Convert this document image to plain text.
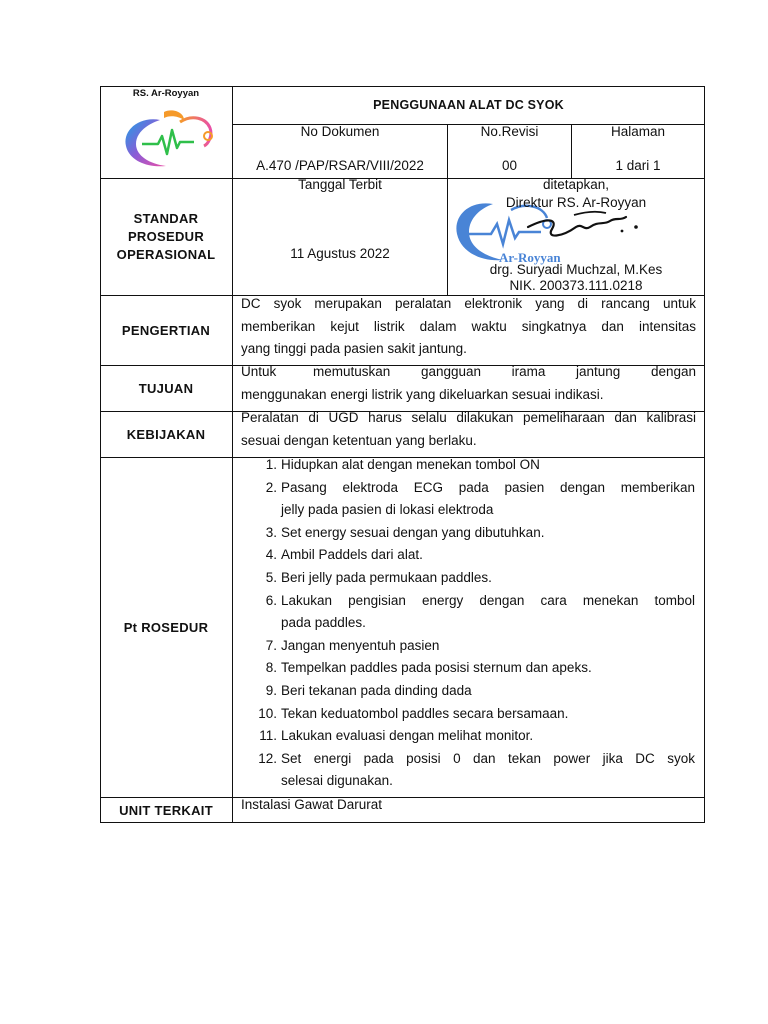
RS. Ar-Royyan
PENGGUNAAN ALAT DC SYOK
No Dokumen
A.470 /PAP/RSAR/VIII/2022
No.Revisi
00
Halaman
1 dari 1
STANDAR
PROSEDUR
OPERASIONAL
Tanggal Terbit
11 Agustus 2022	Ar-Royyan
ditetapkan,
Direktur RS. Ar-Royyan
drg. Suryadi Muchzal, M.Kes
NIK. 200373.111.0218
PENGERTIAN
DC syok merupakan peralatan elektronik yang di rancang untuk
memberikan kejut listrik dalam waktu singkatnya dan intensitas
yang tinggi pada pasien sakit jantung.
TUJUAN
Untuk      memutuskan     gangguan     irama     jantung     dengan
menggunakan energi listrik yang dikeluarkan sesuai indikasi.
KEBIJAKAN
Peralatan di UGD harus selalu dilakukan pemeliharaan dan kalibrasi
sesuai dengan ketentuan yang berlaku.
Pt ROSEDUR
1. Hidupkan alat dengan menekan tombol ON
2. Pasang elektroda ECG pada pasien dengan memberikan
jelly pada pasien di lokasi elektroda
3. Set energy sesuai dengan yang dibutuhkan.
4. Ambil Paddels dari alat.
5. Beri jelly pada permukaan paddles.
6. Lakukan pengisian energy dengan cara menekan tombol
pada paddles.
7. Jangan menyentuh pasien
8. Tempelkan paddles pada posisi sternum dan apeks.
9. Beri tekanan pada dinding dada
10. Tekan keduatombol paddles secara bersamaan.
11. Lakukan evaluasi dengan melihat monitor.
12. Set energi pada posisi 0 dan tekan power jika DC syok
selesai digunakan.
UNIT TERKAIT	Instalasi Gawat Darurat
